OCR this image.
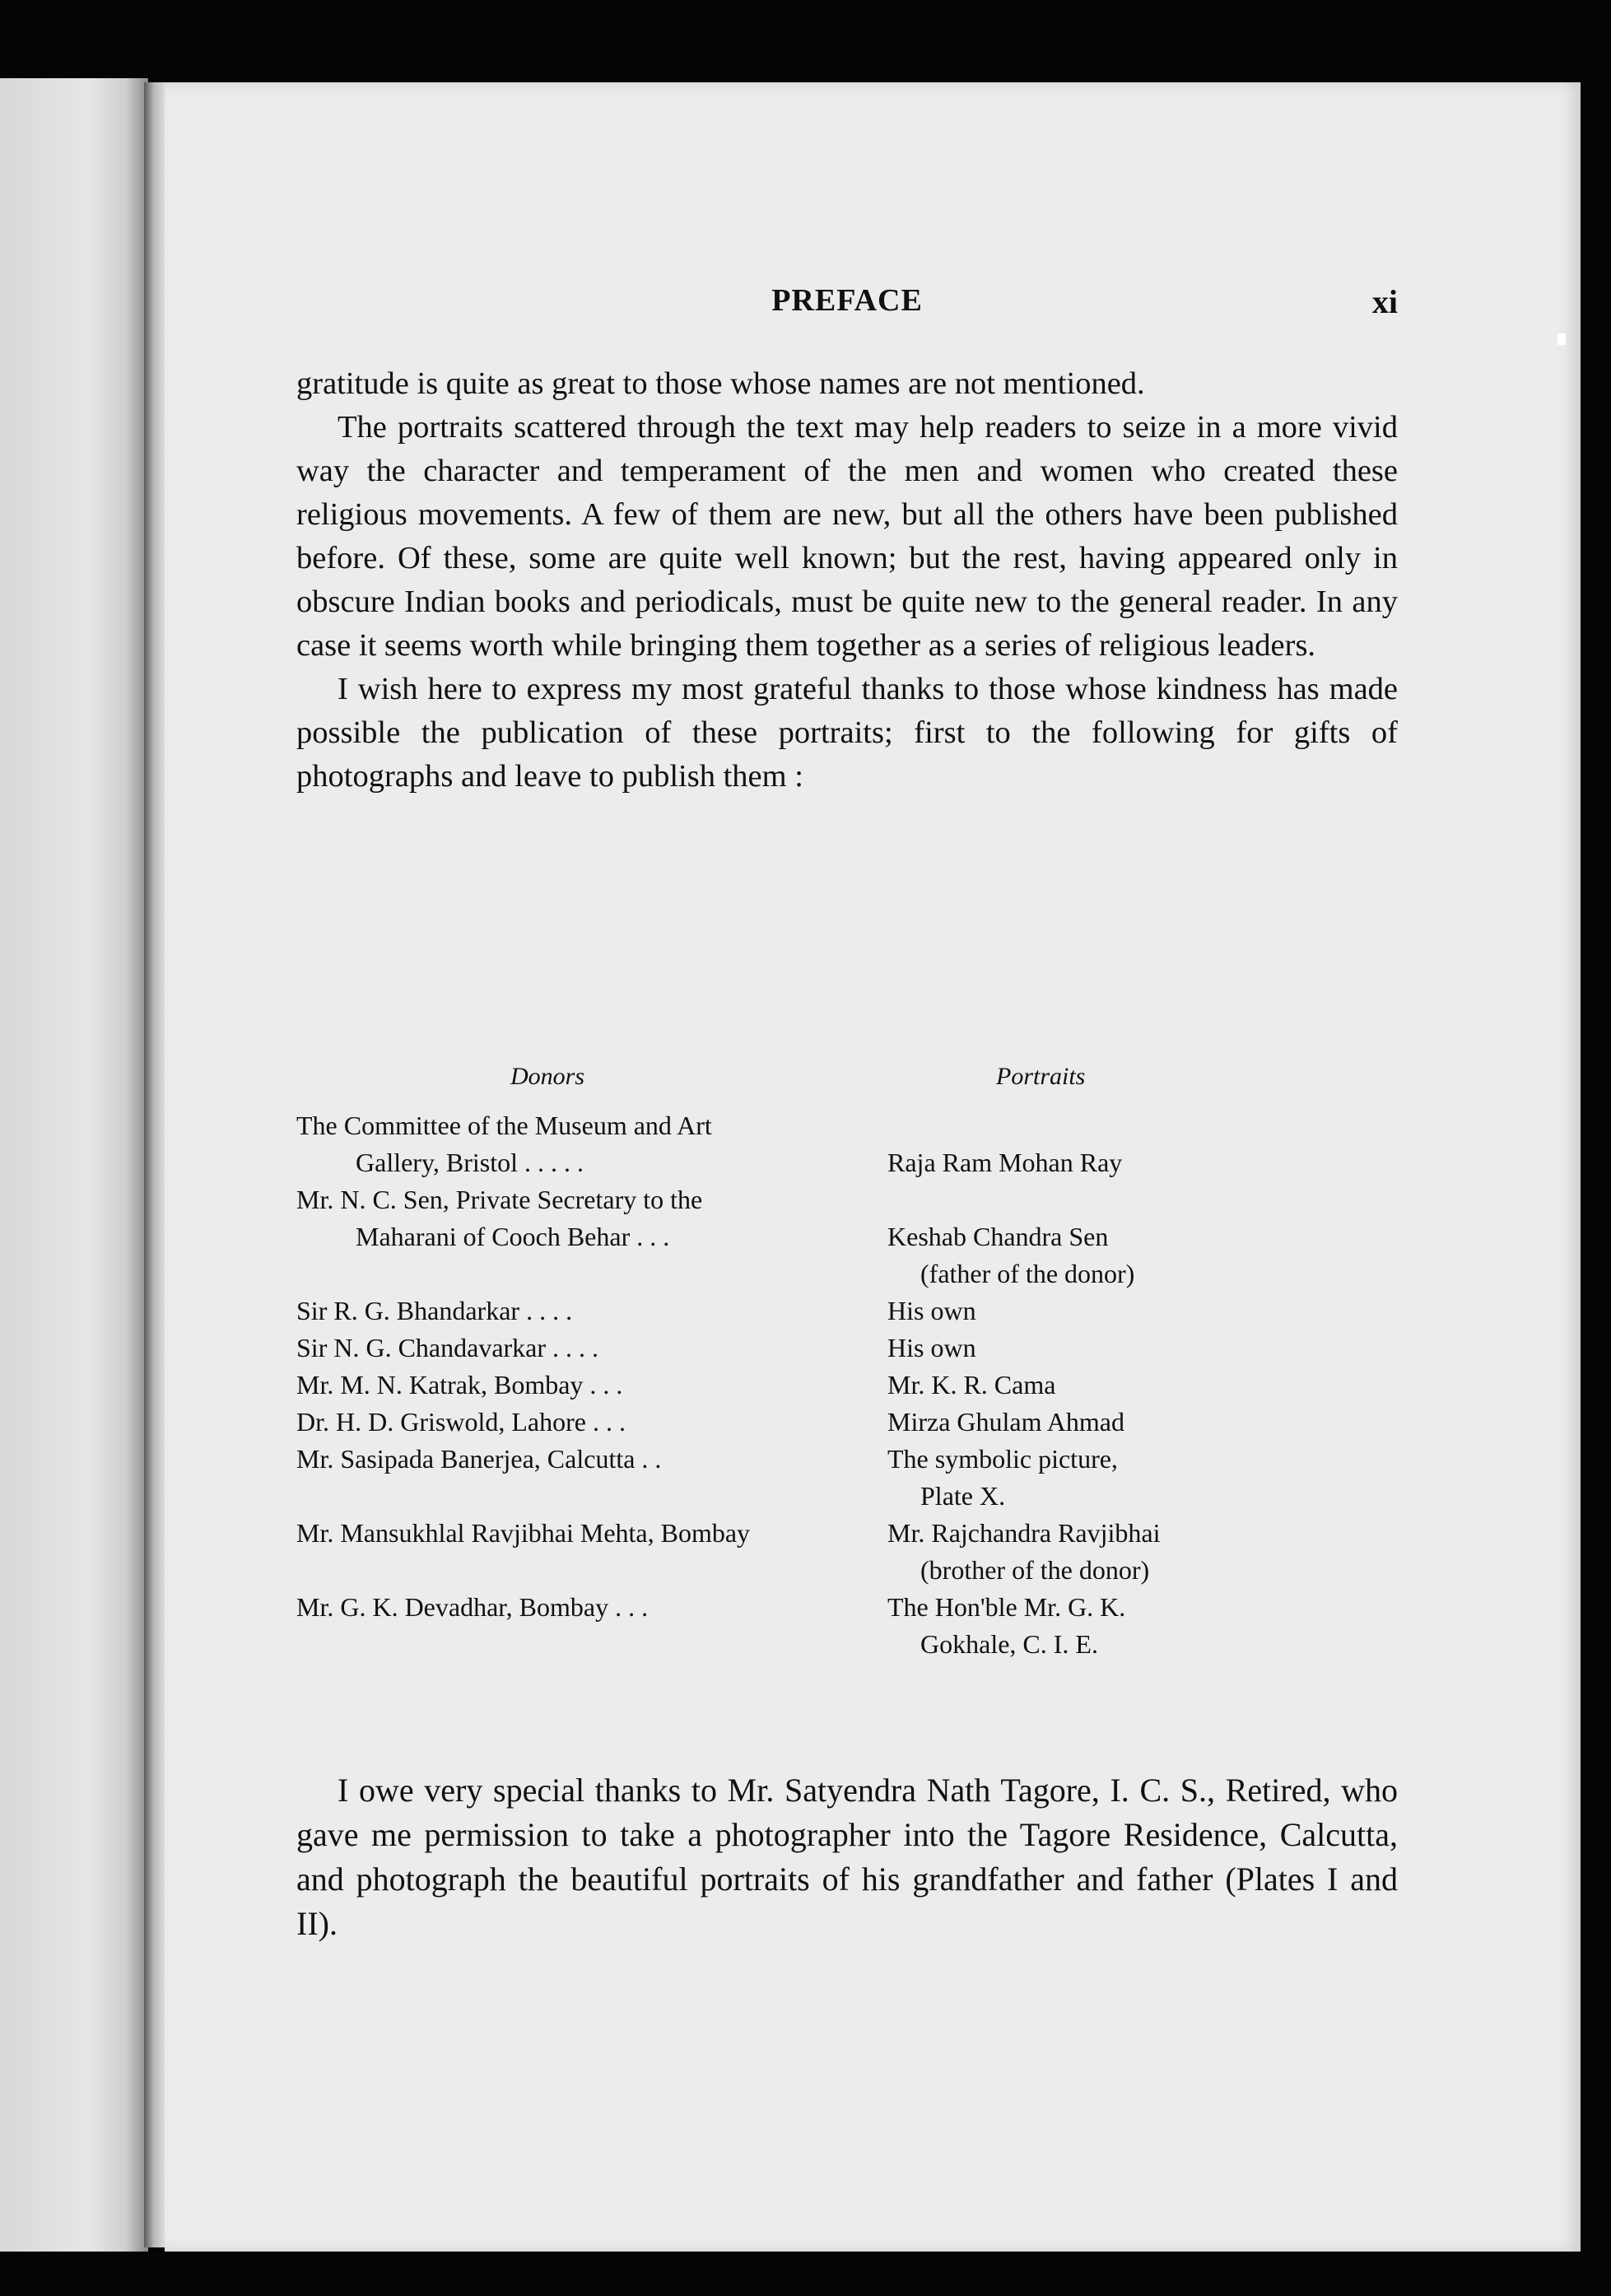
PREFACE	xi

gratitude is quite as great to those whose names are not mentioned.

The portraits scattered through the text may help readers to seize in a more vivid way the character and temperament of the men and women who created these religious movements. A few of them are new, but all the others have been published before. Of these, some are quite well known; but the rest, having appeared only in obscure Indian books and periodicals, must be quite new to the general reader. In any case it seems worth while bringing them together as a series of religious leaders.

I wish here to express my most grateful thanks to those whose kindness has made possible the publication of these portraits; first to the following for gifts of photographs and leave to publish them :

Donors	Portraits
The Committee of the Museum and Art
Gallery, Bristol . . . . .	Raja Ram Mohan Ray
Mr. N. C. Sen, Private Secretary to the
Maharani of Cooch Behar . . .	Keshab Chandra Sen
(father of the donor)
Sir R. G. Bhandarkar . . . .	His own
Sir N. G. Chandavarkar . . . .	His own
Mr. M. N. Katrak, Bombay . . .	Mr. K. R. Cama
Dr. H. D. Griswold, Lahore . . .	Mirza Ghulam Ahmad
Mr. Sasipada Banerjea, Calcutta . .	The symbolic picture,
Plate X.
Mr. Mansukhlal Ravjibhai Mehta, Bombay	Mr. Rajchandra Ravjibhai
(brother of the donor)
Mr. G. K. Devadhar, Bombay . . .	The Hon'ble Mr. G. K.
Gokhale, C. I. E.

I owe very special thanks to Mr. Satyendra Nath Tagore, I. C. S., Retired, who gave me permission to take a photographer into the Tagore Residence, Calcutta, and photograph the beautiful portraits of his grandfather and father (Plates I and II).
